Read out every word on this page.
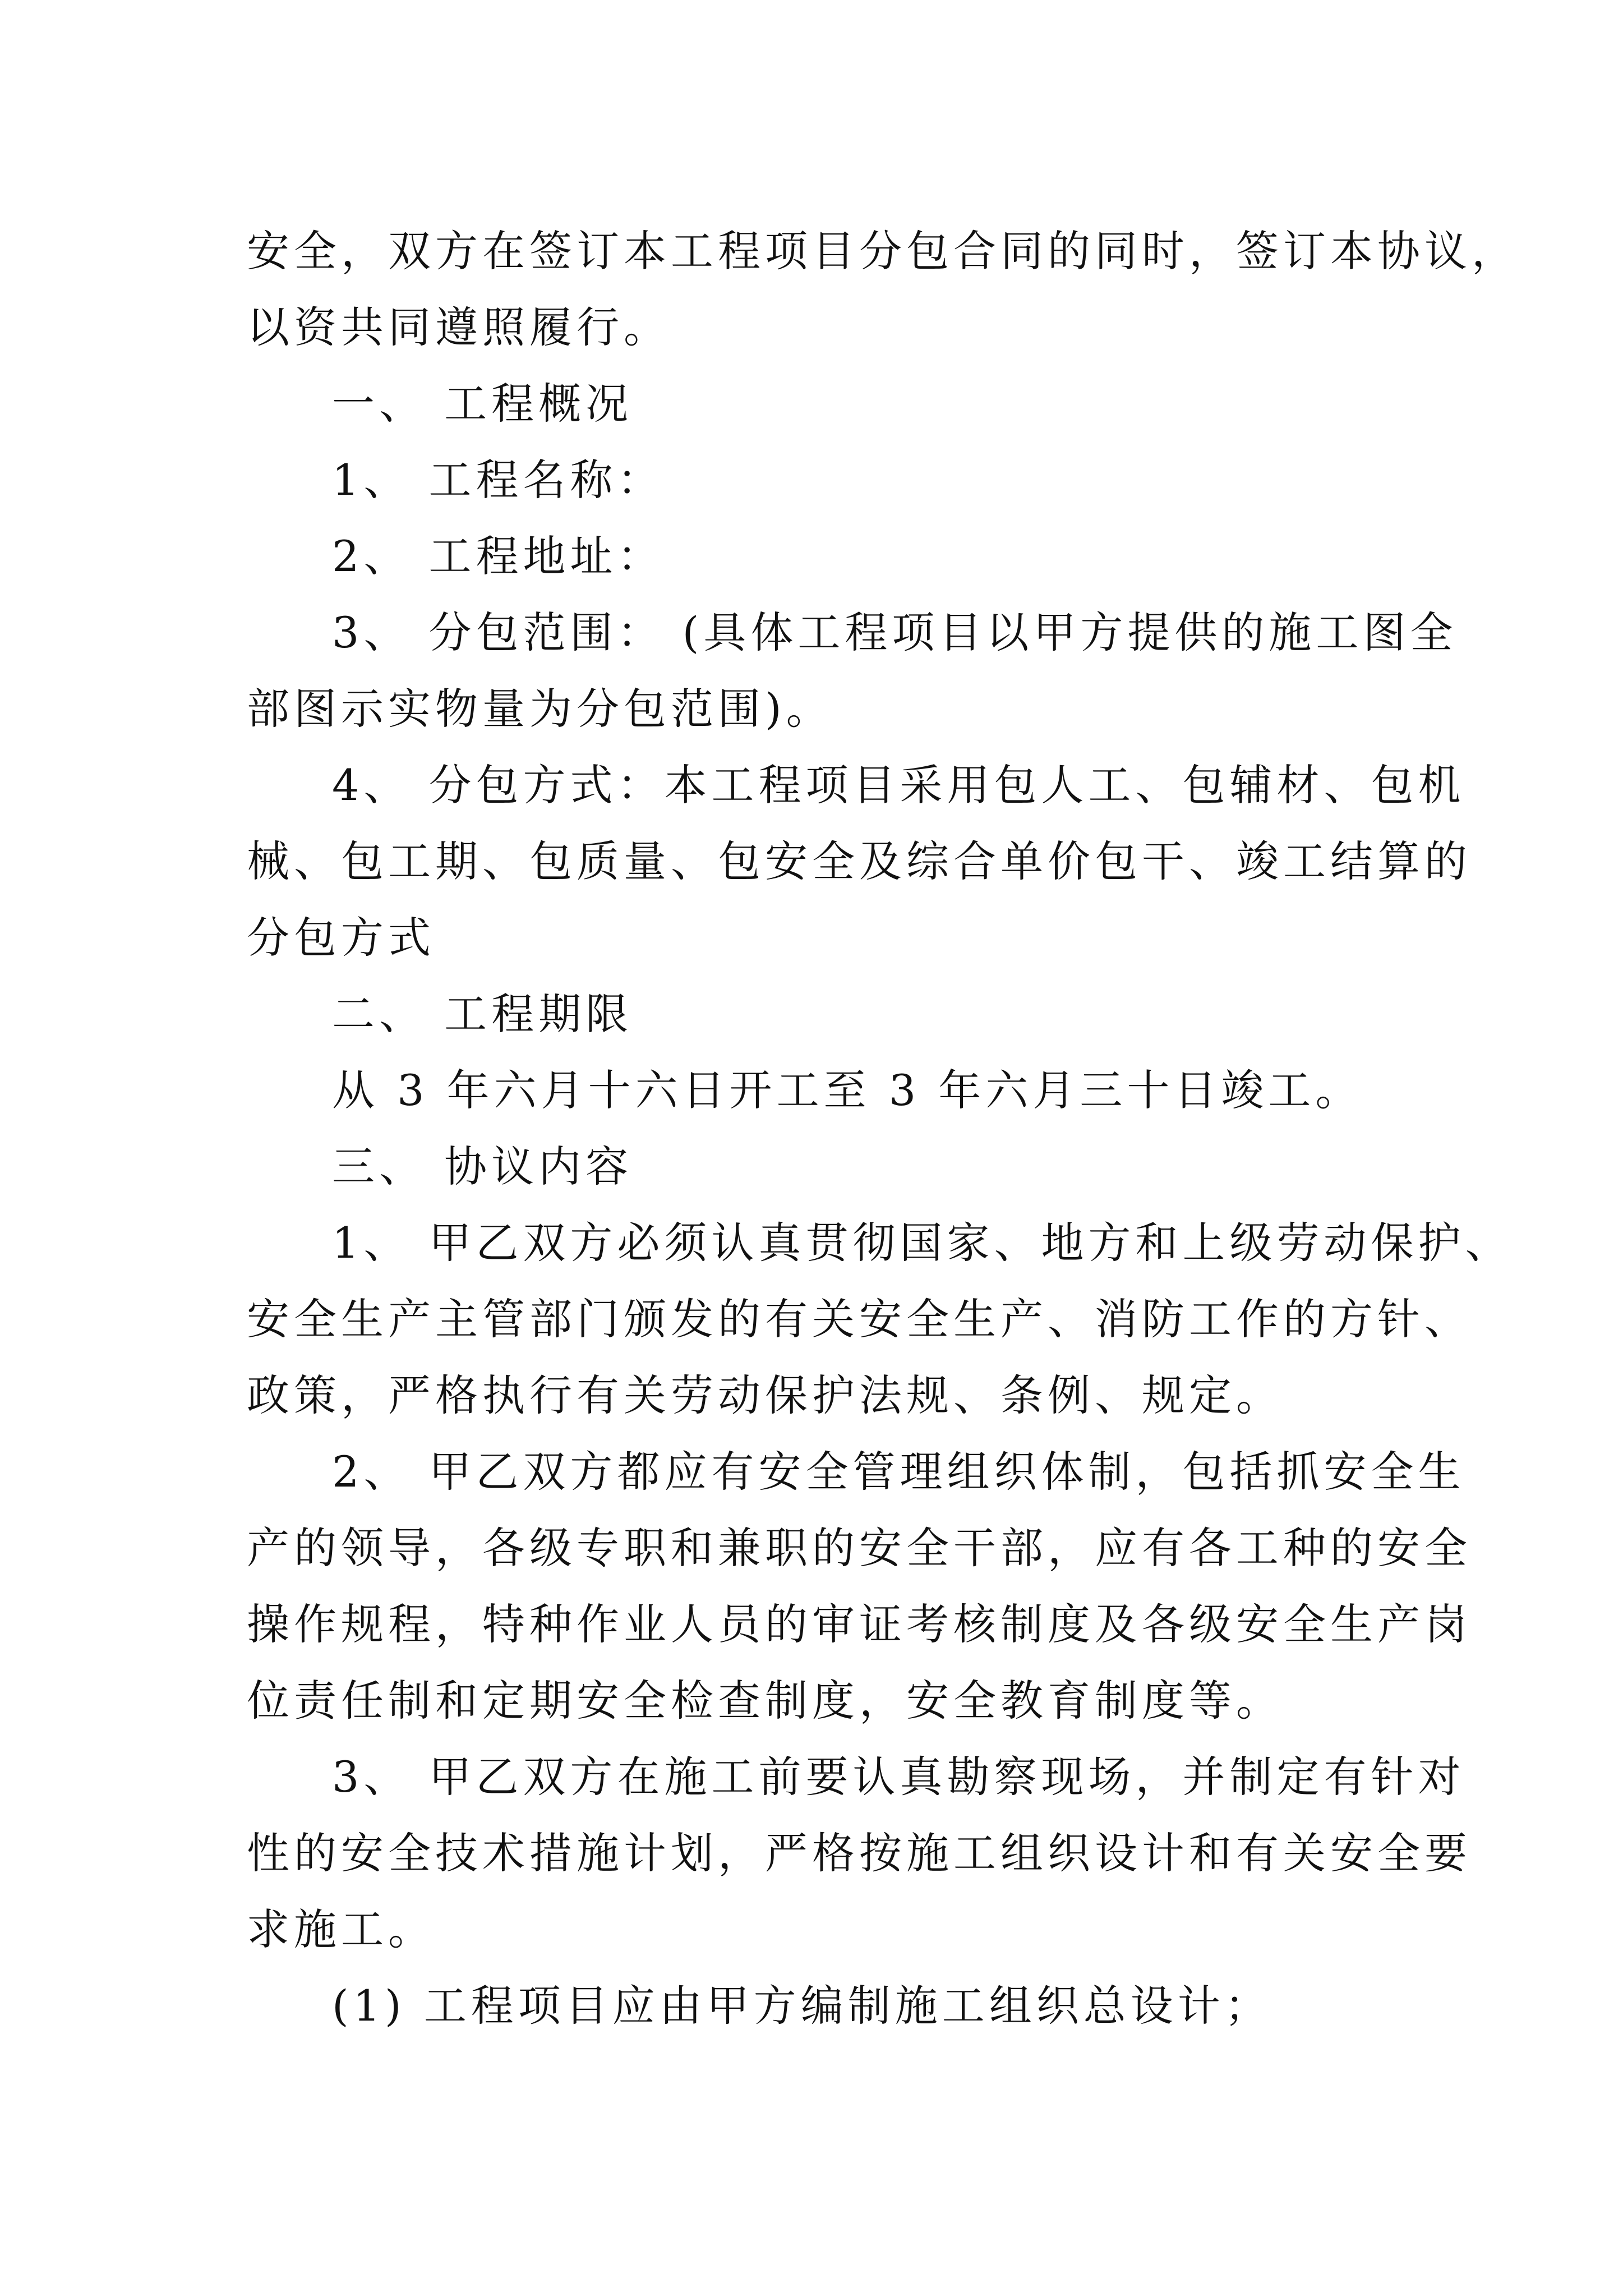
安全，双方在签订本工程项目分包合同的同时，签订本协议，
以资共同遵照履行。
一、 工程概况
1、 工程名称：
2、 工程地址：
3、 分包范围： (具体工程项目以甲方提供的施工图全
部图示实物量为分包范围)。
4、 分包方式：本工程项目采用包人工、包辅材、包机
械、包工期、包质量、包安全及综合单价包干、竣工结算的
分包方式
二、 工程期限
从 3 年六月十六日开工至 3 年六月三十日竣工。
三、 协议内容
1、 甲乙双方必须认真贯彻国家、地方和上级劳动保护、
安全生产主管部门颁发的有关安全生产、消防工作的方针、
政策，严格执行有关劳动保护法规、条例、规定。
2、 甲乙双方都应有安全管理组织体制，包括抓安全生
产的领导，各级专职和兼职的安全干部，应有各工种的安全
操作规程，特种作业人员的审证考核制度及各级安全生产岗
位责任制和定期安全检查制度，安全教育制度等。
3、 甲乙双方在施工前要认真勘察现场，并制定有针对
性的安全技术措施计划，严格按施工组织设计和有关安全要
求施工。
(1) 工程项目应由甲方编制施工组织总设计；
